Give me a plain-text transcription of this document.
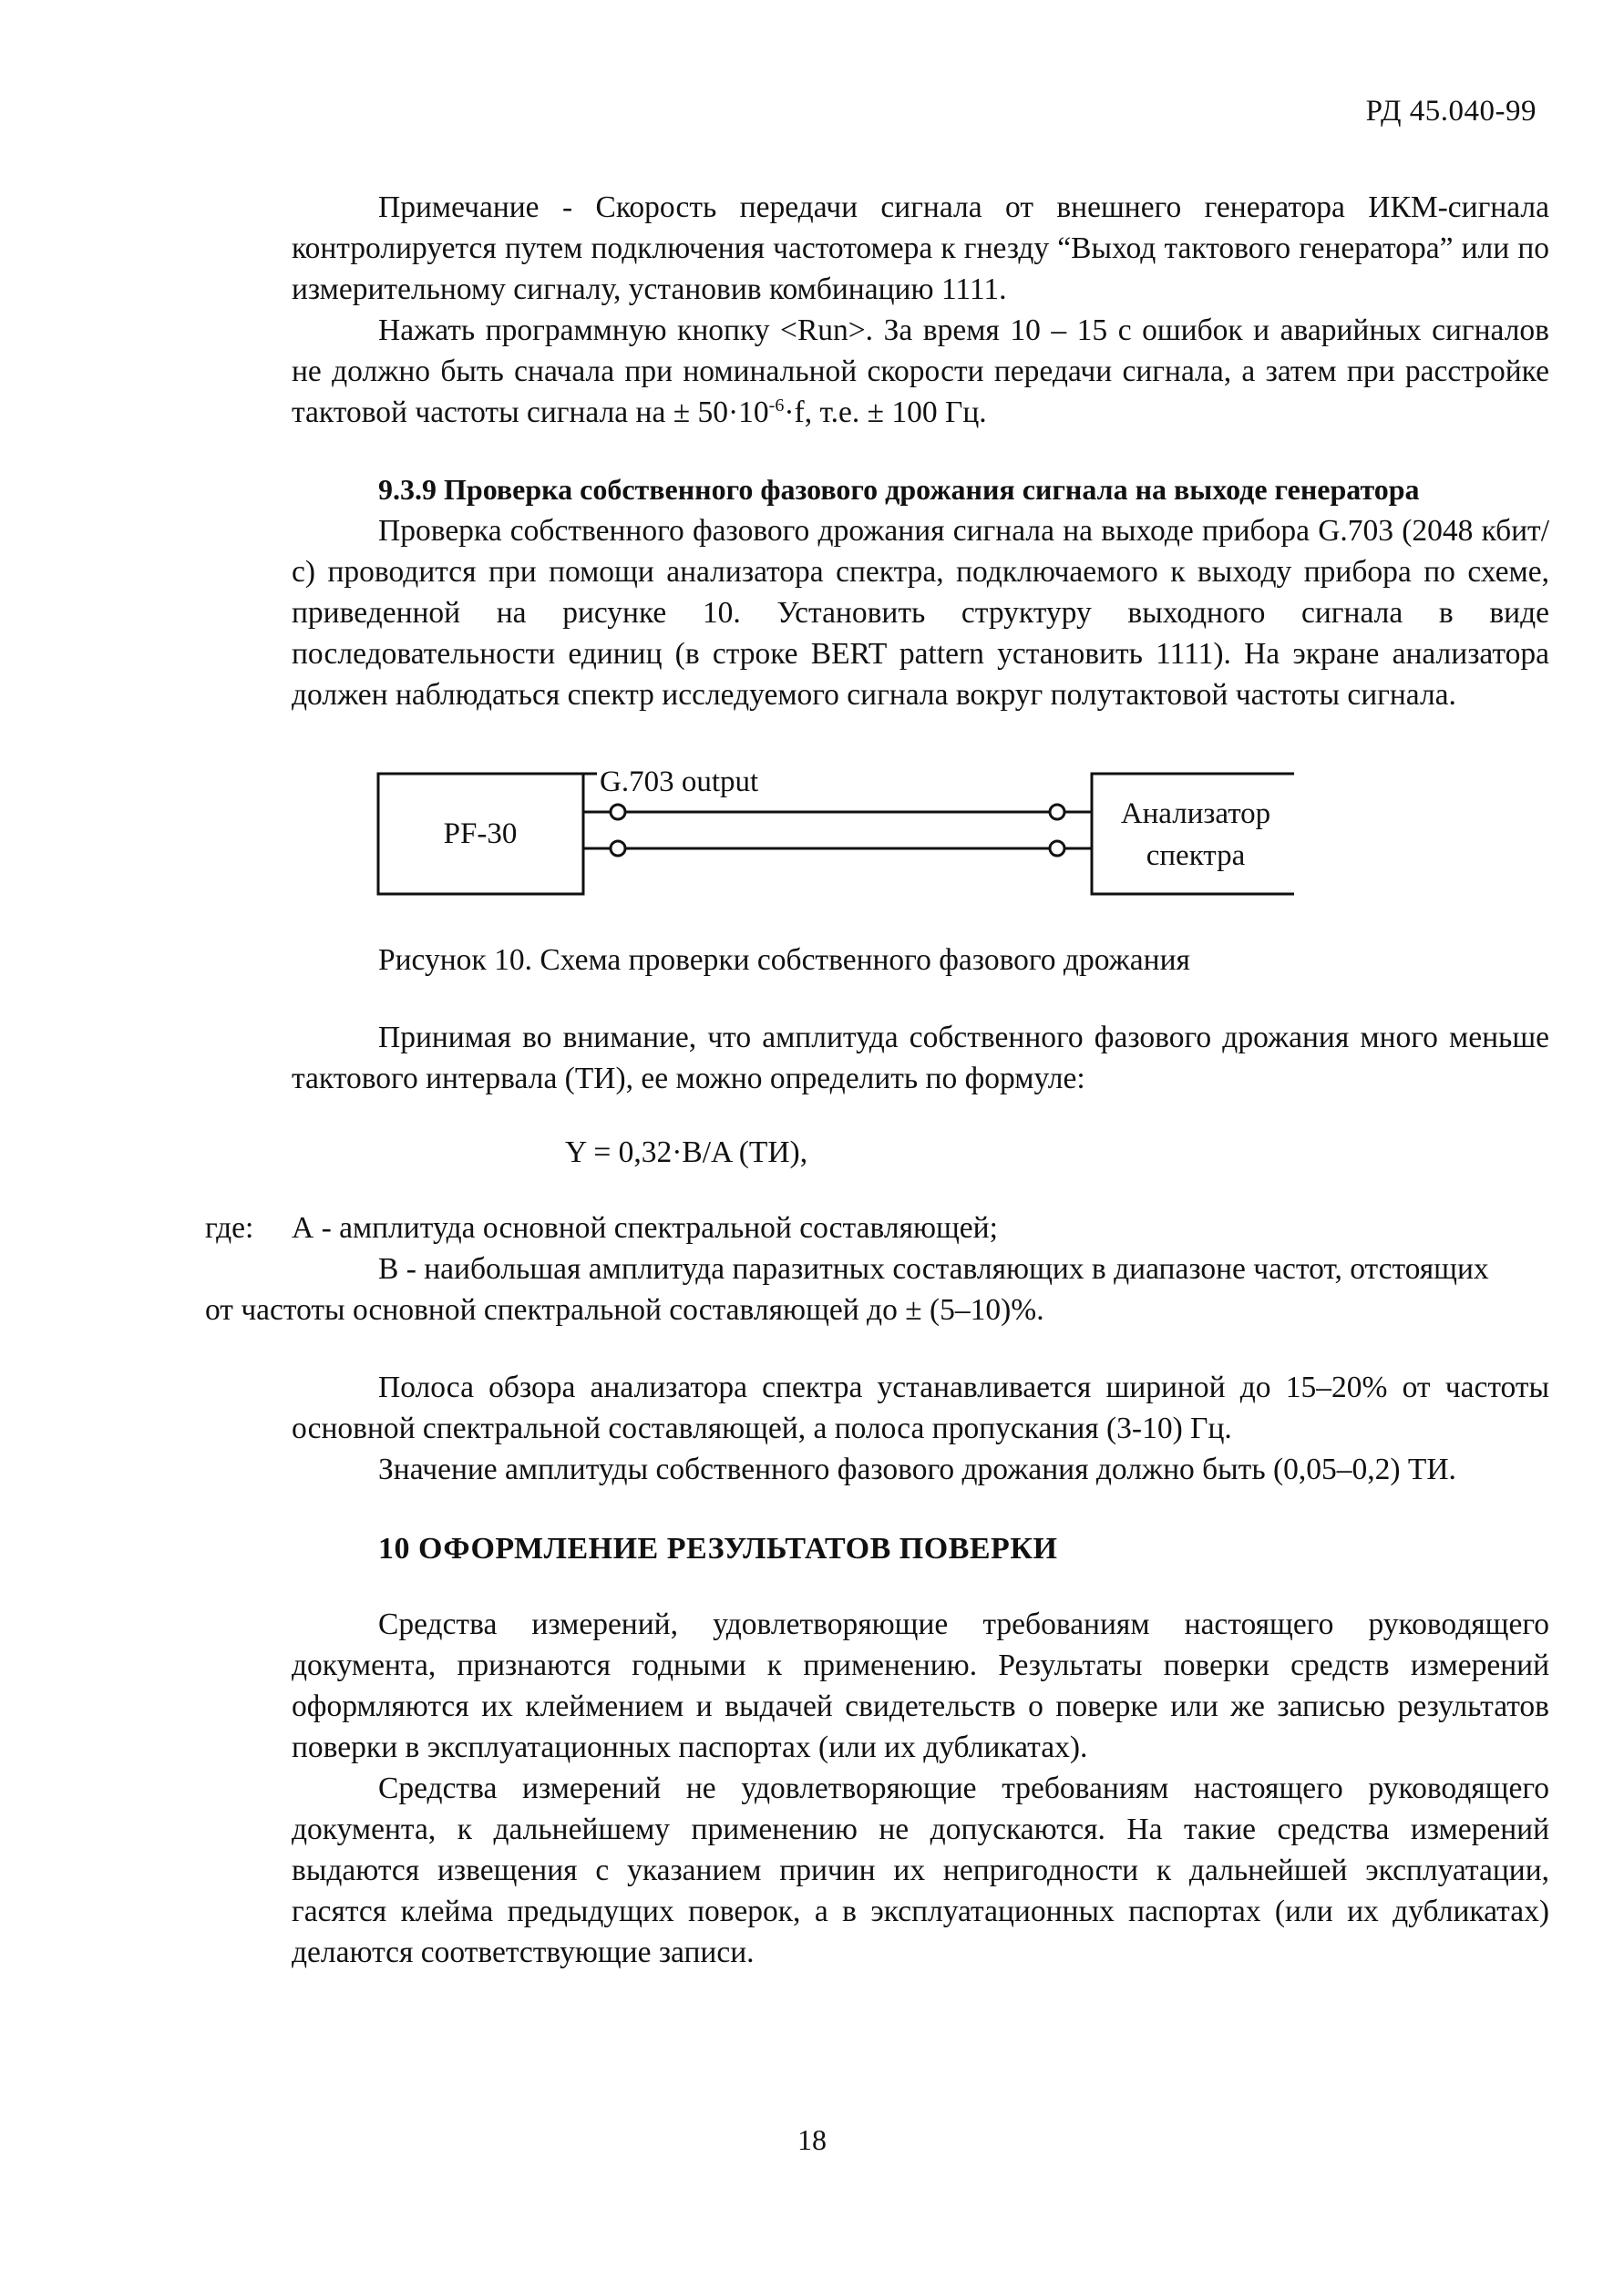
РД 45.040-99

Примечание - Скорость передачи сигнала от внешнего генератора ИКМ-сигнала контролируется путем подключения частотомера к гнезду “Выход тактового генератора” или по измерительному сигналу, установив комбинацию 1111.

Нажать программную кнопку <Run>. За время 10 – 15 с ошибок и аварийных сигналов не должно быть сначала при номинальной скорости передачи сигнала, а затем при расстройке тактовой частоты сигнала на ± $50\cdot 10^{-6}\cdot f$, т.е. ± 100 Гц.

9.3.9 Проверка собственного фазового дрожания сигнала на выходе генератора

Проверка собственного фазового дрожания сигнала на выходе прибора G.703 (2048 кбит/с) проводится при помощи анализатора спектра, подключаемого к выходу прибора по схеме, приведенной на рисунке 10. Установить структуру выходного сигнала в виде последовательности единиц (в строке BERT pattern установить 1111). На экране анализатора должен наблюдаться спектр исследуемого сигнала вокруг полутактовой частоты сигнала.

PF-30
G.703 output
Анализатор
спектра
Рисунок 10. Схема проверки собственного фазового дрожания

Принимая во внимание, что амплитуда собственного фазового дрожания много меньше тактового интервала (ТИ), ее можно определить по формуле:

Y = 0,32·B/A (ТИ),
где: А - амплитуда основной спектральной составляющей;

В - наибольшая амплитуда паразитных составляющих в диапазоне частот, отстоящих

от частоты основной спектральной составляющей до ± (5–10)%.

Полоса обзора анализатора спектра устанавливается шириной до 15–20% от частоты основной спектральной составляющей, а полоса пропускания (3-10) Гц.

Значение амплитуды собственного фазового дрожания должно быть (0,05–0,2) ТИ.

10 ОФОРМЛЕНИЕ РЕЗУЛЬТАТОВ ПОВЕРКИ

Средства измерений, удовлетворяющие требованиям настоящего руководящего документа, признаются годными к применению. Результаты поверки средств измерений оформляются их клеймением и выдачей свидетельств о поверке или же записью результатов поверки в эксплуатационных паспортах (или их дубликатах).

Средства измерений не удовлетворяющие требованиям настоящего руководящего документа, к дальнейшему применению не допускаются. На такие средства измерений выдаются извещения с указанием причин их непригодности к дальнейшей эксплуатации, гасятся клейма предыдущих поверок, а в эксплуатационных паспортах (или их дубликатах) делаются соответствующие записи.

18
